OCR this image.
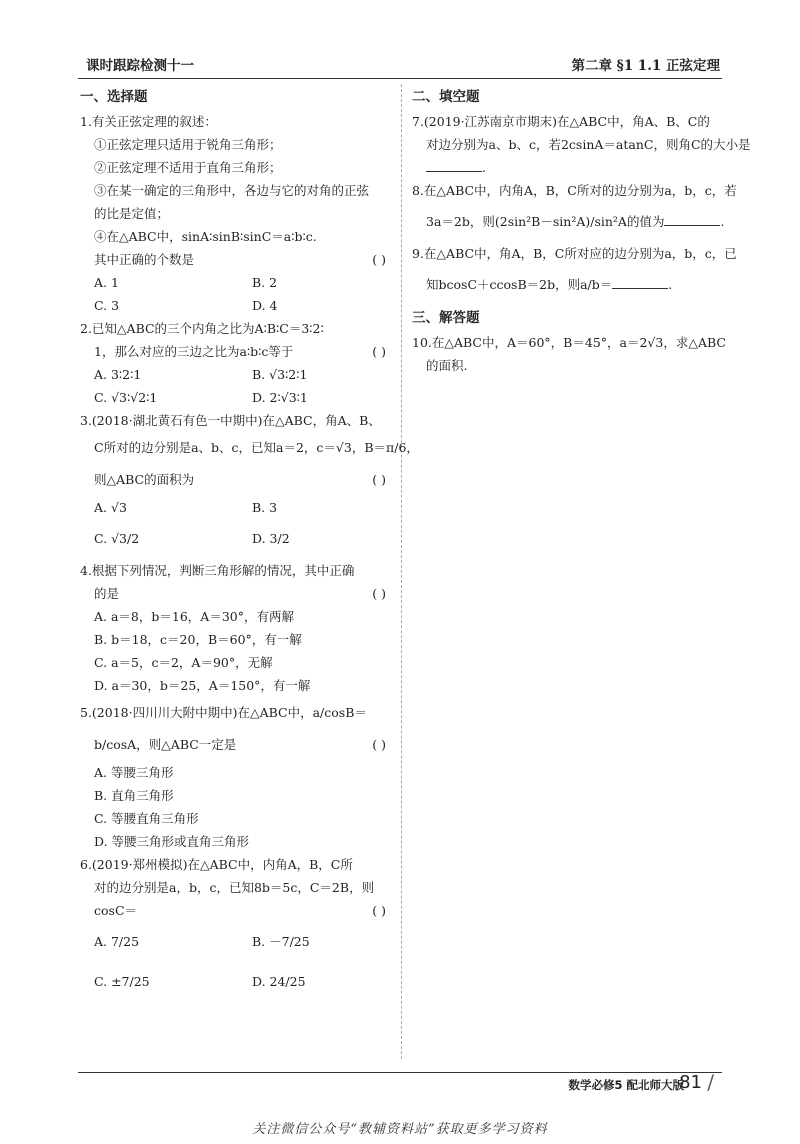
课时跟踪检测十一	第二章 §1 1.1 正弦定理
一、选择题
1.有关正弦定理的叙述：
①正弦定理只适用于锐角三角形；
②正弦定理不适用于直角三角形；
③在某一确定的三角形中，各边与它的对角的正弦
的比是定值；
④在△ABC中，sinA∶sinB∶sinC＝a∶b∶c.
其中正确的个数是	( )
A. 1	B. 2
C. 3	D. 4
2.已知△ABC的三个内角之比为A∶B∶C＝3∶2∶
1，那么对应的三边之比为a∶b∶c等于	( )
A. 3∶2∶1	B. √3∶2∶1
C. √3∶√2∶1	D. 2∶√3∶1
3.(2018·湖北黄石有色一中期中)在△ABC，角A、B、
C所对的边分别是a、b、c，已知a＝2，c＝√3，B＝π/6，
则△ABC的面积为	( )
A. √3	B. 3
C. √3/2	D. 3/2
4.根据下列情况，判断三角形解的情况，其中正确
的是	( )
A. a＝8，b＝16，A＝30°，有两解
B. b＝18，c＝20，B＝60°，有一解
C. a＝5，c＝2，A＝90°，无解
D. a＝30，b＝25，A＝150°，有一解
5.(2018·四川川大附中期中)在△ABC中，a/cosB＝
b/cosA，则△ABC一定是	( )
A. 等腰三角形
B. 直角三角形
C. 等腰直角三角形
D. 等腰三角形或直角三角形
6.(2019·郑州模拟)在△ABC中，内角A，B，C所
对的边分别是a，b，c，已知8b＝5c，C＝2B，则
cosC＝	( )
A. 7/25	B. －7/25
C. ±7/25	D. 24/25
二、填空题
7.(2019·江苏南京市期末)在△ABC中，角A、B、C的
对边分别为a、b、c，若2csinA＝atanC，则角C的大小是
.
8.在△ABC中，内角A，B，C所对的边分别为a，b，c，若
3a＝2b，则(2sin²B－sin²A)/sin²A的值为	.
9.在△ABC中，角A，B，C所对应的边分别为a，b，c，已
知bcosC＋ccosB＝2b，则a/b＝	.
三、解答题
10.在△ABC中，A＝60°，B＝45°，a＝2√3，求△ABC
的面积.
数学必修5 配北师大版
81 /
关注微信公众号“教辅资料站”获取更多学习资料
